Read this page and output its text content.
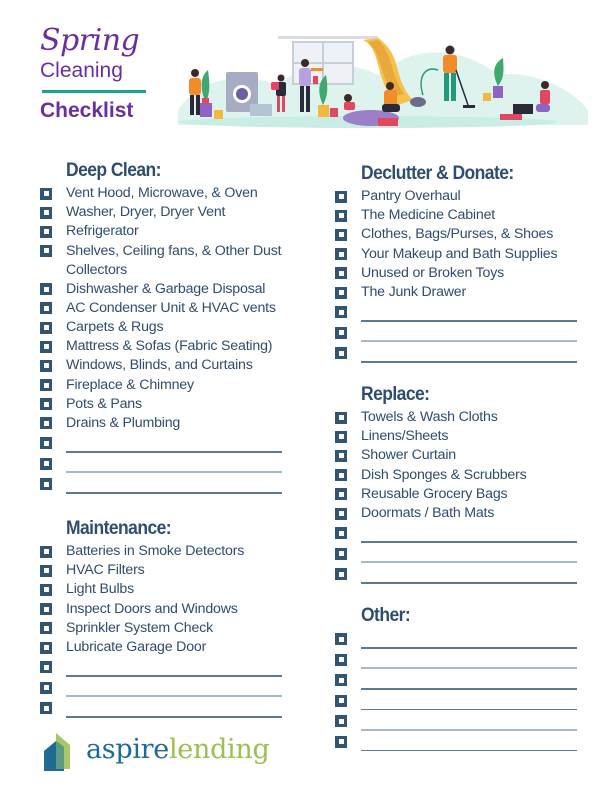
Spring
Cleaning
Checklist
Deep Clean:
Vent Hood, Microwave, & Oven
Washer, Dryer, Dryer Vent
Refrigerator
Shelves, Ceiling fans, & Other Dust Collectors
Dishwasher & Garbage Disposal
AC Condenser Unit & HVAC vents
Carpets & Rugs
Mattress & Sofas (Fabric Seating)
Windows, Blinds, and Curtains
Fireplace & Chimney
Pots & Pans
Drains & Plumbing
Maintenance:
Batteries in Smoke Detectors
HVAC Filters
Light Bulbs
Inspect Doors and Windows
Sprinkler System Check
Lubricate Garage Door
Declutter & Donate:
Pantry Overhaul
The Medicine Cabinet
Clothes, Bags/Purses, & Shoes
Your Makeup and Bath Supplies
Unused or Broken Toys
The Junk Drawer
Replace:
Towels & Wash Cloths
Linens/Sheets
Shower Curtain
Dish Sponges & Scrubbers
Reusable Grocery Bags
Doormats / Bath Mats
Other:
aspirelending
